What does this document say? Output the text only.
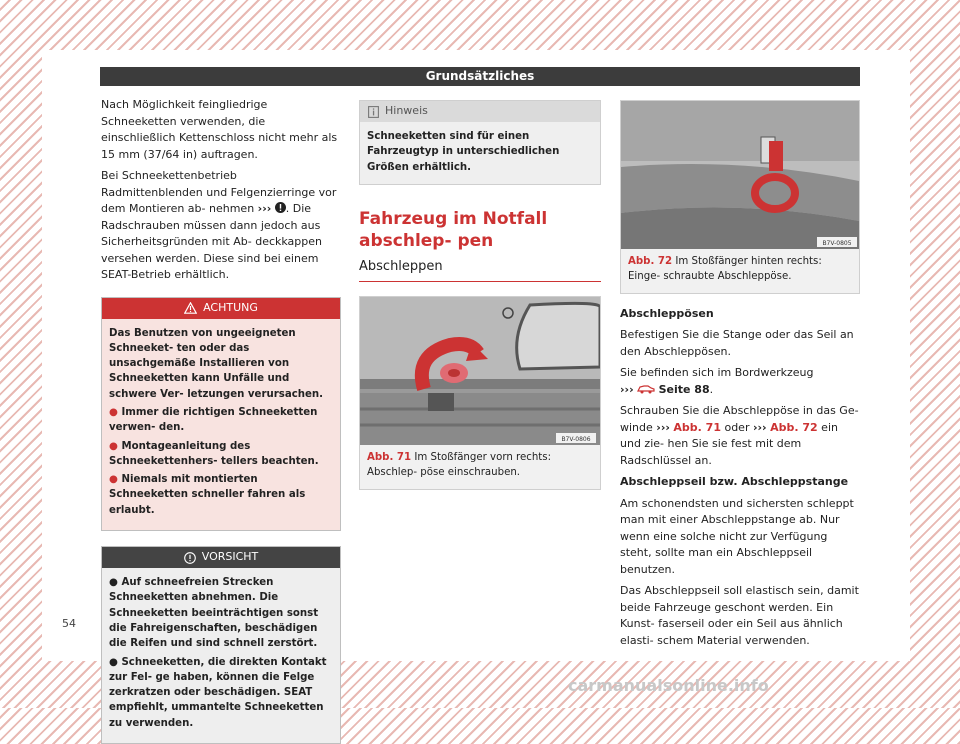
Grundsätzliches

Nach Möglichkeit feingliedrige Schneeketten verwenden, die einschließlich Kettenschloss nicht mehr als 15 mm (37/64 in) auftragen.

Bei Schneekettenbetrieb Radmittenblenden und Felgenzierringe vor dem Montieren ab- nehmen ››› . Die Radschrauben müssen dann jedoch aus Sicherheitsgründen mit Ab- deckkappen versehen werden. Diese sind bei einem SEAT-Betrieb erhältlich.

ACHTUNG

Das Benutzen von ungeeigneten Schneeket- ten oder das unsachgemäße Installieren von Schneeketten kann Unfälle und schwere Ver- letzungen verursachen.

● Immer die richtigen Schneeketten verwen- den.

● Montageanleitung des Schneekettenhers- tellers beachten.

● Niemals mit montierten Schneeketten schneller fahren als erlaubt.

VORSICHT

● Auf schneefreien Strecken Schneeketten abnehmen. Die Schneeketten beeinträchtigen sonst die Fahreigenschaften, beschädigen die Reifen und sind schnell zerstört.

● Schneeketten, die direkten Kontakt zur Fel- ge haben, können die Felge zerkratzen oder beschädigen. SEAT empfiehlt, ummantelte Schneeketten zu verwenden.

Hinweis
Schneeketten sind für einen Fahrzeugtyp in unterschiedlichen Größen erhältlich.
Fahrzeug im Notfall abschlep- pen
Abschleppen
B7V-0806
Abb. 71 Im Stoßfänger vorn rechts: Abschlep- pöse einschrauben.
B7V-0805
Abb. 72 Im Stoßfänger hinten rechts: Einge- schraubte Abschleppöse.

Abschleppösen

Befestigen Sie die Stange oder das Seil an den Abschleppösen.

Sie befinden sich im Bordwerkzeug
››› Seite 88.

Schrauben Sie die Abschleppöse in das Ge- winde ››› Abb. 71 oder ››› Abb. 72 ein und zie- hen Sie sie fest mit dem Radschlüssel an.

Abschleppseil bzw. Abschleppstange

Am schonendsten und sichersten schleppt man mit einer Abschleppstange ab. Nur wenn eine solche nicht zur Verfügung steht, sollte man ein Abschleppseil benutzen.

Das Abschleppseil soll elastisch sein, damit beide Fahrzeuge geschont werden. Ein Kunst- faserseil oder ein Seil aus ähnlich elasti- schem Material verwenden.

54
carmanualsonline.info
